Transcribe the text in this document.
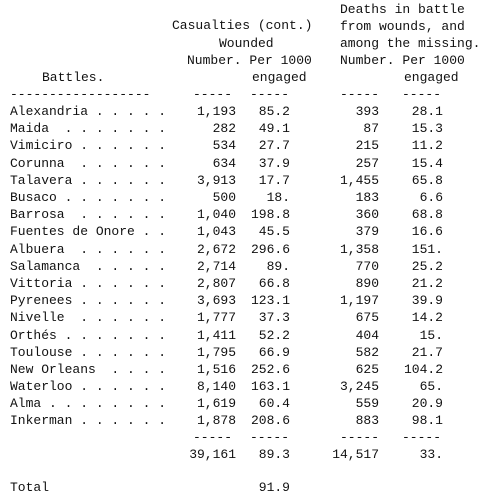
Casualties (cont.)
Wounded
Number. Per 1000
engaged
Deaths in battle
from wounds, and
among the missing.
Number. Per 1000
engaged
Battles.
------------------	----- -----	----- -----
Alexandria . . . . .	1,193	85.2	393	28.1
Maida  . . . . . . .	282	49.1	87	15.3
Vimiciro . . . . . .	534	27.7	215	11.2
Corunna  . . . . . .	634	37.9	257	15.4
Talavera . . . . . .	3,913	17.7	1,455	65.8
Busaco . . . . . . .	500	18.	183	6.6
Barrosa  . . . . . .	1,040 198.8	360	68.8
Fuentes de Onore . .	1,043	45.5	379	16.6
Albuera  . . . . . .	2,672 296.6	1,358	151.
Salamanca  . . . . .	2,714	89.	770	25.2
Vittoria . . . . . .	2,807	66.8	890	21.2
Pyrenees . . . . . .	3,693 123.1	1,197	39.9
Nivelle  . . . . . .	1,777	37.3	675	14.2
Orthés . . . . . . .	1,411	52.2	404	15.
Toulouse . . . . . .	1,795	66.9	582	21.7
New Orleans  . . . .	1,516 252.6	625 104.2
Waterloo . . . . . .	8,140 163.1	3,245	65.
Alma . . . . . . . .	1,619	60.4	559	20.9
Inkerman . . . . . .	1,878 208.6	883	98.1
----- -----	----- -----
39,161	89.3	14,517	33.
Total	91.9
